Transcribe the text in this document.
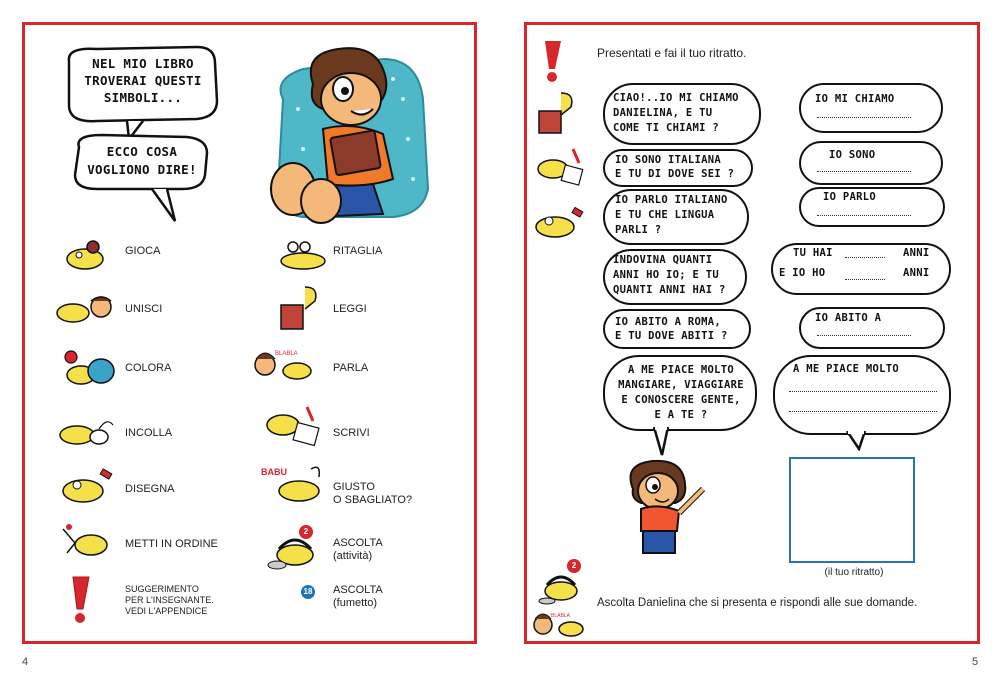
NEL MIO LIBRO
TROVERAI QUESTI
SIMBOLI...
ECCO COSA
VOGLIONO DIRE!
GIOCA
UNISCI
COLORA
INCOLLA
DISEGNA
METTI IN ORDINE
SUGGERIMENTO
PER L'INSEGNANTE.
VEDI L'APPENDICE
RITAGLIA
LEGGI
BLABLA
PARLA
SCRIVI
BABU
GIUSTO
O SBAGLIATO?
2
ASCOLTA
(attività)
18 ASCOLTA
(fumetto)
4
Presentati e fai il tuo ritratto.
CIAO!..IO MI CHIAMO
DANIELINA, E TU
COME TI CHIAMI ?
IO SONO ITALIANA
E TU DI DOVE SEI ?
IO PARLO ITALIANO
E TU CHE LINGUA
PARLI ?
INDOVINA QUANTI
ANNI HO IO; E TU
QUANTI ANNI HAI ?
IO ABITO A ROMA,
E TU DOVE ABITI ?
A ME PIACE MOLTO
MANGIARE, VIAGGIARE
E CONOSCERE GENTE,
E A TE ?
IO MI CHIAMO
IO SONO
IO PARLO
TU HAI	ANNI
E IO HO	ANNI
IO ABITO A
A ME PIACE MOLTO
(il tuo ritratto)
2
BLABLA
Ascolta Danielina che si presenta e rispondi alle sue domande.
5
